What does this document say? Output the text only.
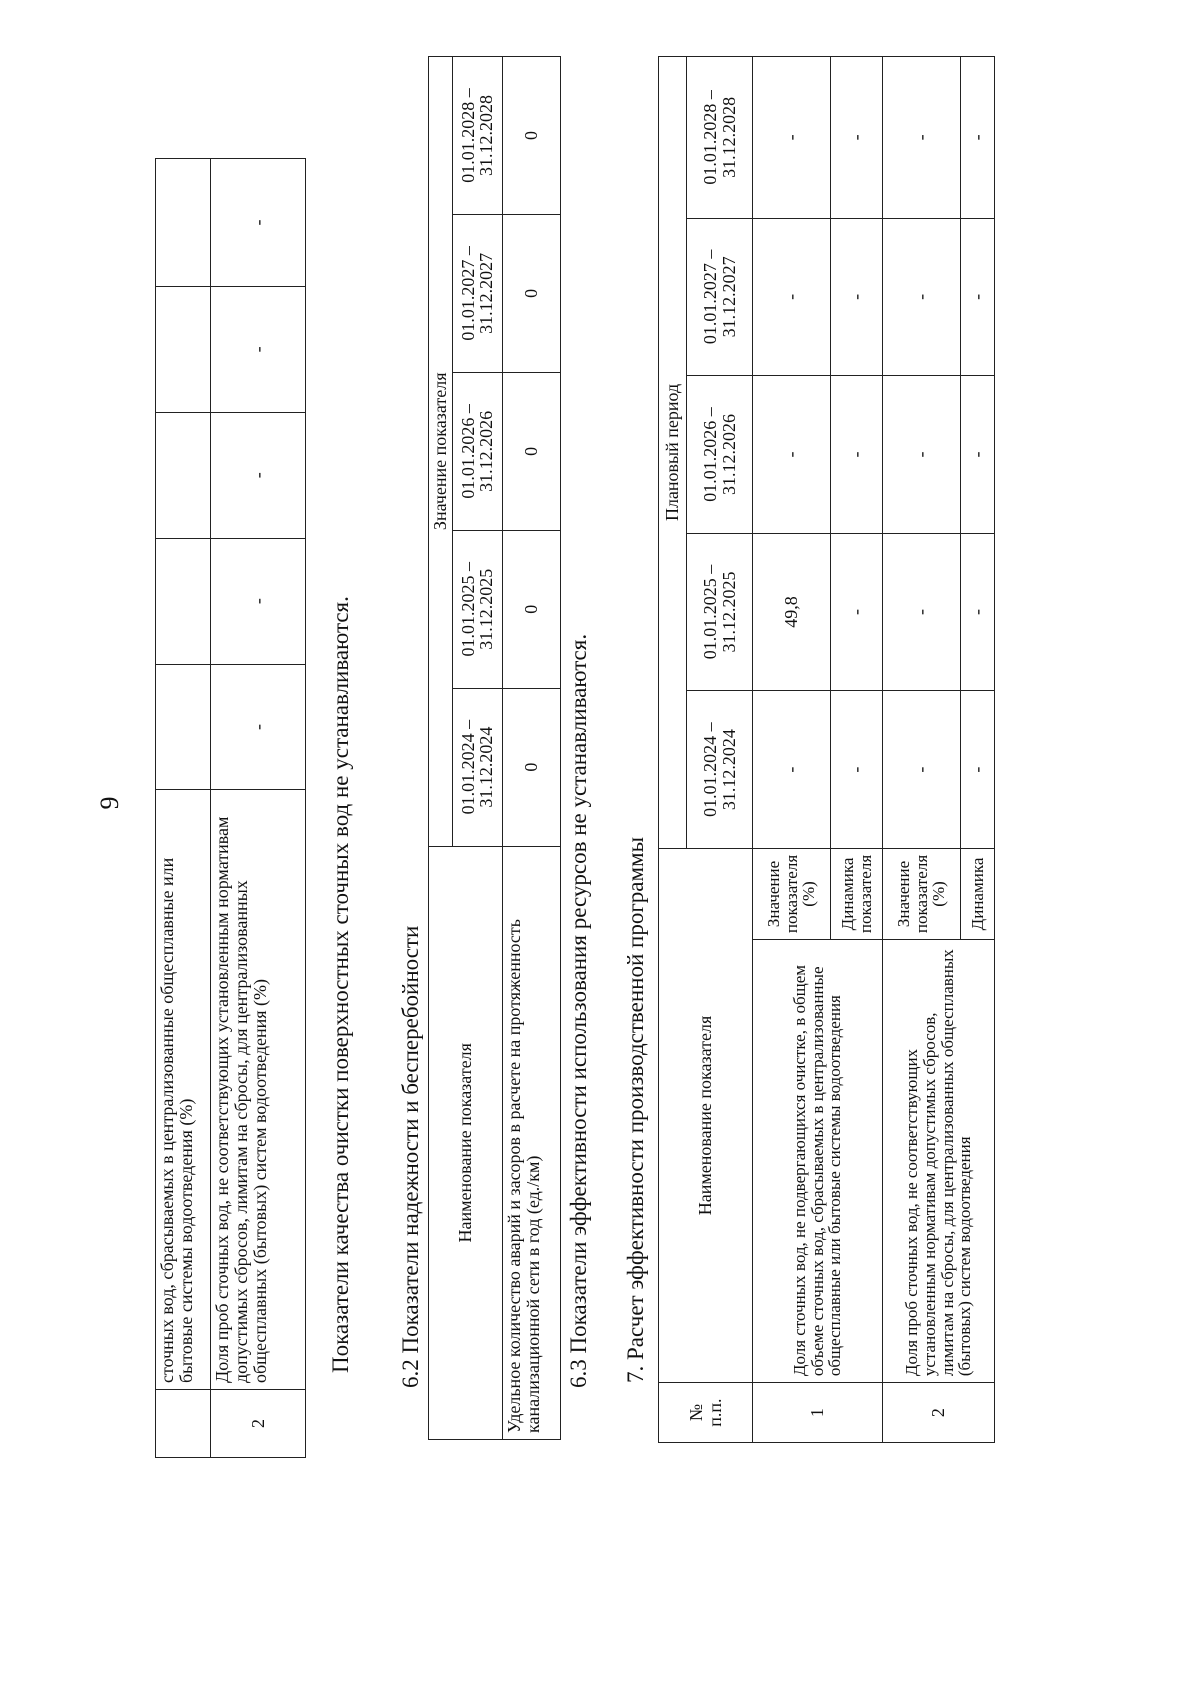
9
	сточных вод, сбрасываемых в централизованные общесплавные или бытовые системы водоотведения (%)					
2	Доля проб сточных вод, не соответствующих установленным нормативам допустимых сбросов, лимитам на сбросы, для централизованных общесплавных (бытовых) систем водоотведения (%)	-	-	-	-	-
Показатели качества очистки поверхностных сточных вод не устанавливаются. 6.2 Показатели надежности и бесперебойности Наименование показателя	Значение показателя				
	01.01.2024 – 31.12.2024	01.01.2025 – 31.12.2025	01.01.2026 – 31.12.2026	01.01.2027 – 31.12.2027	01.01.2028 – 31.12.2028
Удельное количество аварий и засоров в расчете на протяженность канализационной сети в год (ед./км)	0	0	0	0	0
6.3 Показатели эффективности использования ресурсов не устанавливаются. 7. Расчет эффективности производственной программы
№ п.п.	Наименование показателя		Плановый период				
			01.01.2024 – 31.12.2024	01.01.2025 – 31.12.2025	01.01.2026 – 31.12.2026	01.01.2027 – 31.12.2027	01.01.2028 – 31.12.2028
1	Доля сточных вод, не подвергающихся очистке, в общем объеме сточных вод, сбрасываемых в централизованные общесплавные или бытовые системы водоотведения	Значение показателя (%)	-	49,8	-	-	-
		Динамика показателя	-	-	-	-	-
2	Доля проб сточных вод, не соответствующих установленным нормативам допустимых сбросов, лимитам на сбросы, для централизованных общесплавных (бытовых) систем водоотведения	Значение показателя (%)	-	-	-	-	-
		Динамика	-	-	-	-	-
